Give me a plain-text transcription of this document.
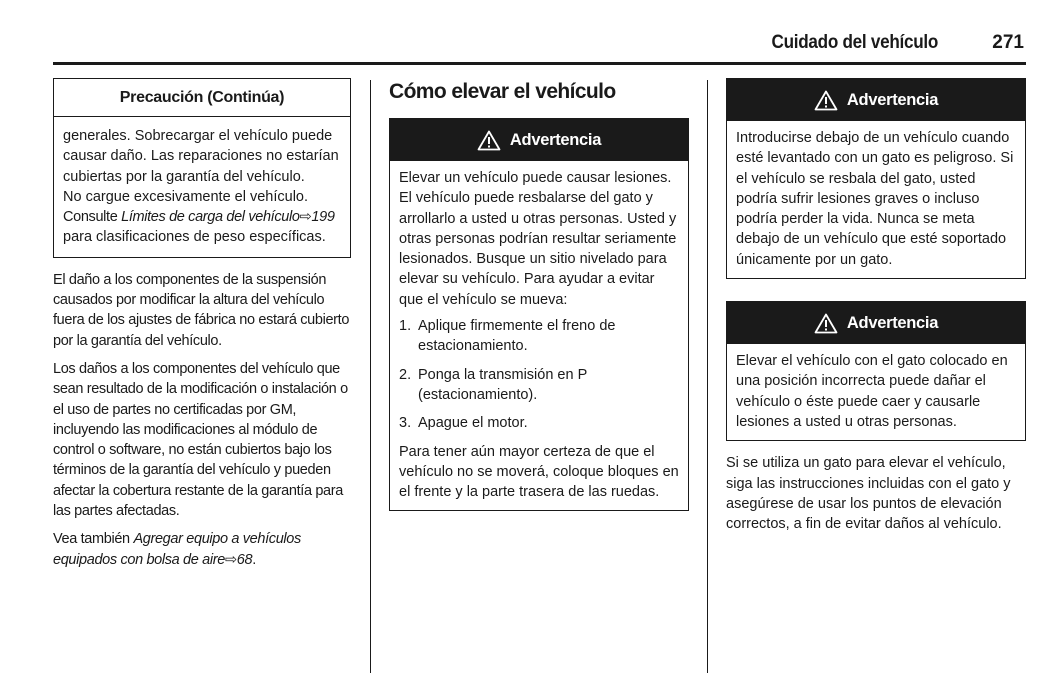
Cuidado del vehículo	271
Precaución (Continúa)

generales. Sobrecargar el vehículo puede

causar daño. Las reparaciones no estarían

cubiertas por la garantía del vehículo.

No cargue excesivamente el vehículo.

Consulte Límites de carga del vehículo⇨199

para clasificaciones de peso específicas.

El daño a los componentes de la suspensión causados por modificar la altura del vehículo fuera de los ajustes de fábrica no estará cubierto por la garantía del vehículo.

Los daños a los componentes del vehículo que sean resultado de la modificación o instalación o el uso de partes no certificadas por GM, incluyendo las modificaciones al módulo de control o software, no están cubiertos bajo los términos de la garantía del vehículo y pueden afectar la cobertura restante de la garantía para las partes afectadas.

Vea también Agregar equipo a vehículos equipados con bolsa de aire⇨68.

Cómo elevar el vehículo
Advertencia

Elevar un vehículo puede causar lesiones. El vehículo puede resbalarse del gato y arrollarlo a usted u otras personas. Usted y otras personas podrían resultar seriamente lesionados. Busque un sitio nivelado para elevar su vehículo. Para ayudar a evitar que el vehículo se mueva:

1. Aplique firmemente el freno de estacionamiento.
2. Ponga la transmisión en P (estacionamiento).
3. Apague el motor.

Para tener aún mayor certeza de que el vehículo no se moverá, coloque bloques en el frente y la parte trasera de las ruedas.

Advertencia

Introducirse debajo de un vehículo cuando esté levantado con un gato es peligroso. Si el vehículo se resbala del gato, usted podría sufrir lesiones graves o incluso podría perder la vida. Nunca se meta debajo de un vehículo que esté soportado únicamente por un gato.

Advertencia

Elevar el vehículo con el gato colocado en una posición incorrecta puede dañar el vehículo o éste puede caer y causarle lesiones a usted u otras personas.

Si se utiliza un gato para elevar el vehículo, siga las instrucciones incluidas con el gato y asegúrese de usar los puntos de elevación correctos, a fin de evitar daños al vehículo.
